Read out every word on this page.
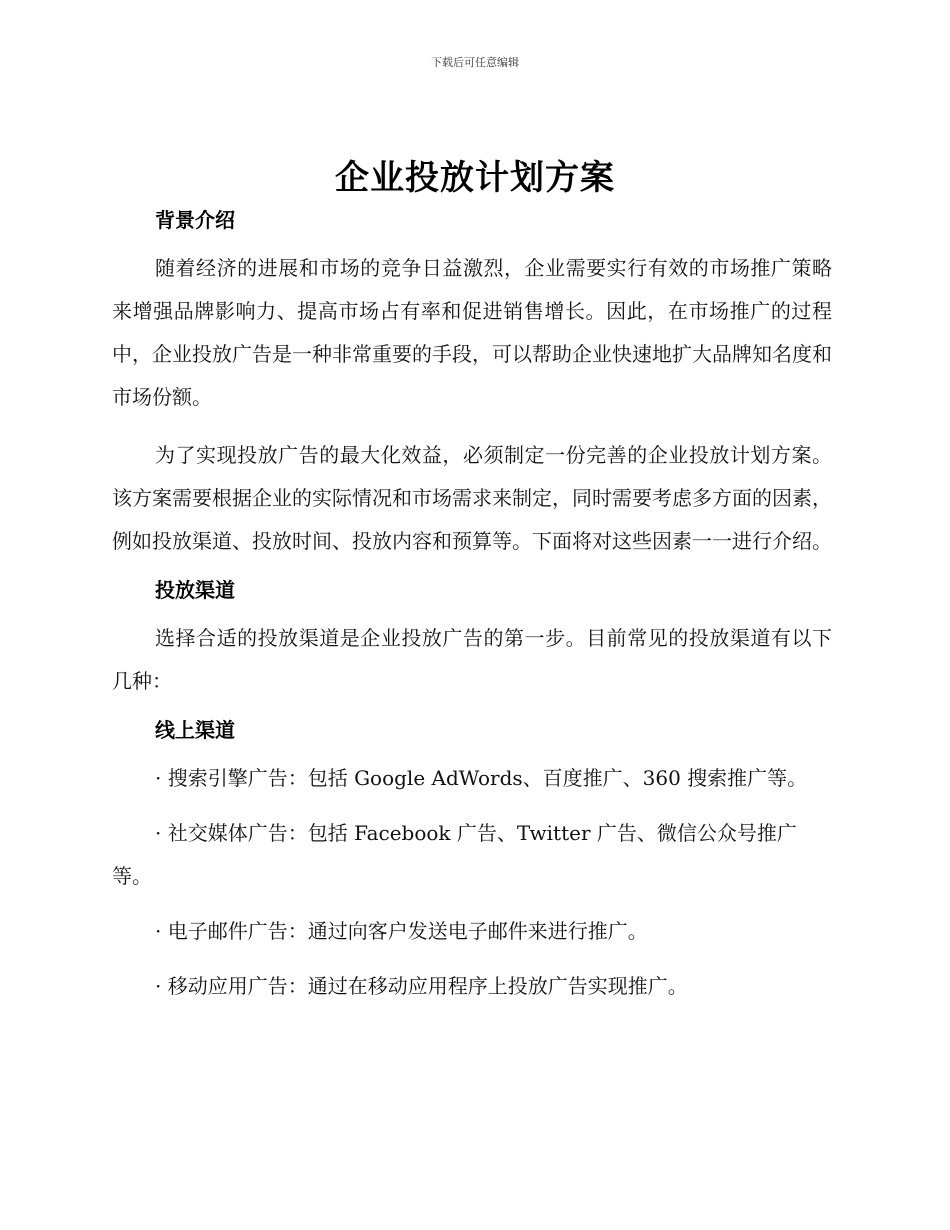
下载后可任意编辑
企业投放计划方案
背景介绍

随着经济的进展和市场的竞争日益激烈，企业需要实行有效的市场推广策略来增强品牌影响力、提高市场占有率和促进销售增长。因此，在市场推广的过程中，企业投放广告是一种非常重要的手段，可以帮助企业快速地扩大品牌知名度和市场份额。

为了实现投放广告的最大化效益，必须制定一份完善的企业投放计划方案。该方案需要根据企业的实际情况和市场需求来制定，同时需要考虑多方面的因素，例如投放渠道、投放时间、投放内容和预算等。下面将对这些因素一一进行介绍。

投放渠道

选择合适的投放渠道是企业投放广告的第一步。目前常见的投放渠道有以下几种：

线上渠道

· 搜索引擎广告：包括 Google AdWords、百度推广、360 搜索推广等。

· 社交媒体广告：包括 Facebook 广告、Twitter 广告、微信公众号推广等。

· 电子邮件广告：通过向客户发送电子邮件来进行推广。

· 移动应用广告：通过在移动应用程序上投放广告实现推广。
